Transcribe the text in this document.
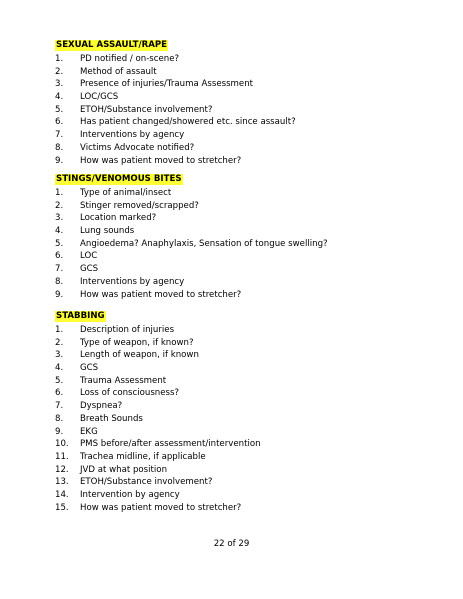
SEXUAL ASSAULT/RAPE
1.	PD notified / on-scene?
2.	Method of assault
3.	Presence of injuries/Trauma Assessment
4.	LOC/GCS
5.	ETOH/Substance involvement?
6.	Has patient changed/showered etc. since assault?
7.	Interventions by agency
8.	Victims Advocate notified?
9.	How was patient moved to stretcher?
STINGS/VENOMOUS BITES
1.	Type of animal/insect
2.	Stinger removed/scrapped?
3.	Location marked?
4.	Lung sounds
5.	Angioedema? Anaphylaxis, Sensation of tongue swelling?
6.	LOC
7.	GCS
8.	Interventions by agency
9.	How was patient moved to stretcher?
STABBING
1.	Description of injuries
2.	Type of weapon, if known?
3.	Length of weapon, if known
4.	GCS
5.	Trauma Assessment
6.	Loss of consciousness?
7.	Dyspnea?
8.	Breath Sounds
9.	EKG
10.	PMS before/after assessment/intervention
11.	Trachea midline, if applicable
12.	JVD at what position
13.	ETOH/Substance involvement?
14.	Intervention by agency
15.	How was patient moved to stretcher?
22 of 29
